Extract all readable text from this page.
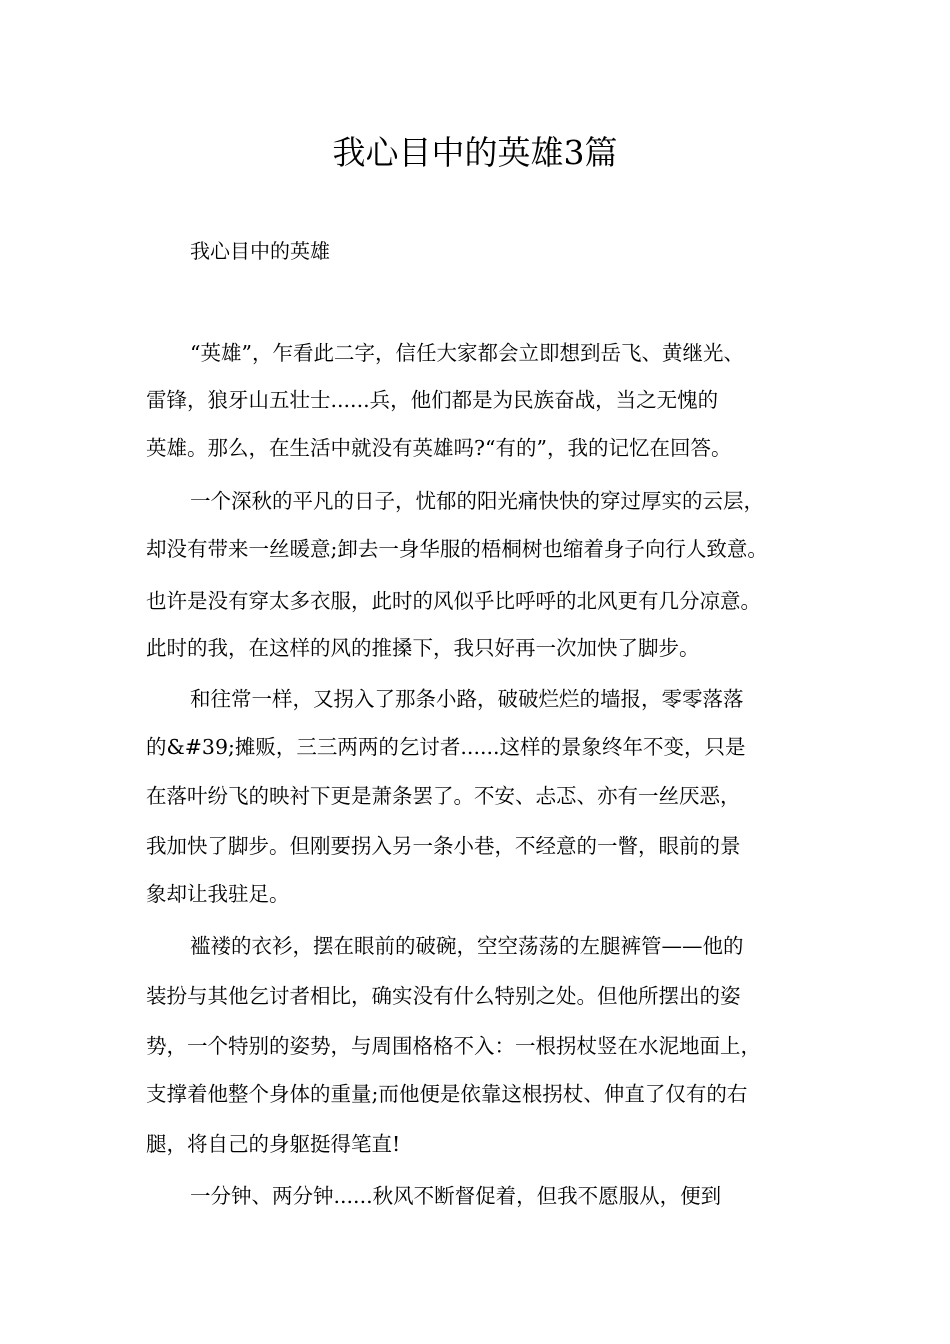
我心目中的英雄3篇

我心目中的英雄

“英雄”，乍看此二字，信任大家都会立即想到岳飞、黄继光、

雷锋，狼牙山五壮士......兵，他们都是为民族奋战，当之无愧的

英雄。那么，在生活中就没有英雄吗?“有的”，我的记忆在回答。

一个深秋的平凡的日子，忧郁的阳光痛快快的穿过厚实的云层，

却没有带来一丝暖意;卸去一身华服的梧桐树也缩着身子向行人致意。

也许是没有穿太多衣服，此时的风似乎比呼呼的北风更有几分凉意。

此时的我，在这样的风的推搡下，我只好再一次加快了脚步。

和往常一样，又拐入了那条小路，破破烂烂的墙报，零零落落

的&#39;摊贩，三三两两的乞讨者......这样的景象终年不变，只是

在落叶纷飞的映衬下更是萧条罢了。不安、忐忑、亦有一丝厌恶，

我加快了脚步。但刚要拐入另一条小巷，不经意的一瞥，眼前的景

象却让我驻足。

褴褛的衣衫，摆在眼前的破碗，空空荡荡的左腿裤管——他的

装扮与其他乞讨者相比，确实没有什么特别之处。但他所摆出的姿

势，一个特别的姿势，与周围格格不入：一根拐杖竖在水泥地面上，

支撑着他整个身体的重量;而他便是依靠这根拐杖、伸直了仅有的右

腿，将自己的身躯挺得笔直!

一分钟、两分钟......秋风不断督促着，但我不愿服从，便到
